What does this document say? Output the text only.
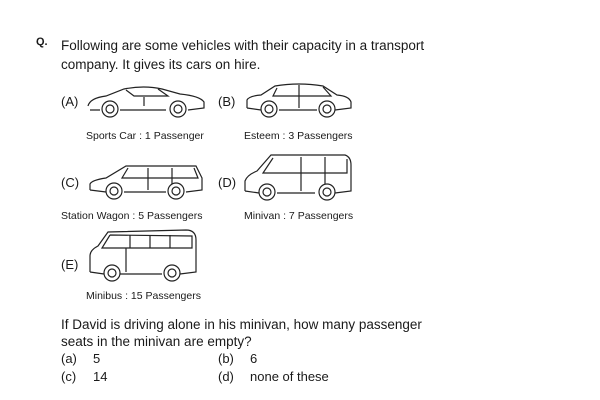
Q. Following are some vehicles with their capacity in a transport
company. It gives its cars on hire.
(A)
Sports Car : 1 Passenger
(B)
Esteem : 3 Passengers
(C)
Station Wagon : 5 Passengers
(D)
Minivan : 7 Passengers
(E)
Minibus : 15 Passengers
If David is driving alone in his minivan, how many passenger
seats in the minivan are empty?
(a) 5	(b) 6
(c) 14	(d) none of these
